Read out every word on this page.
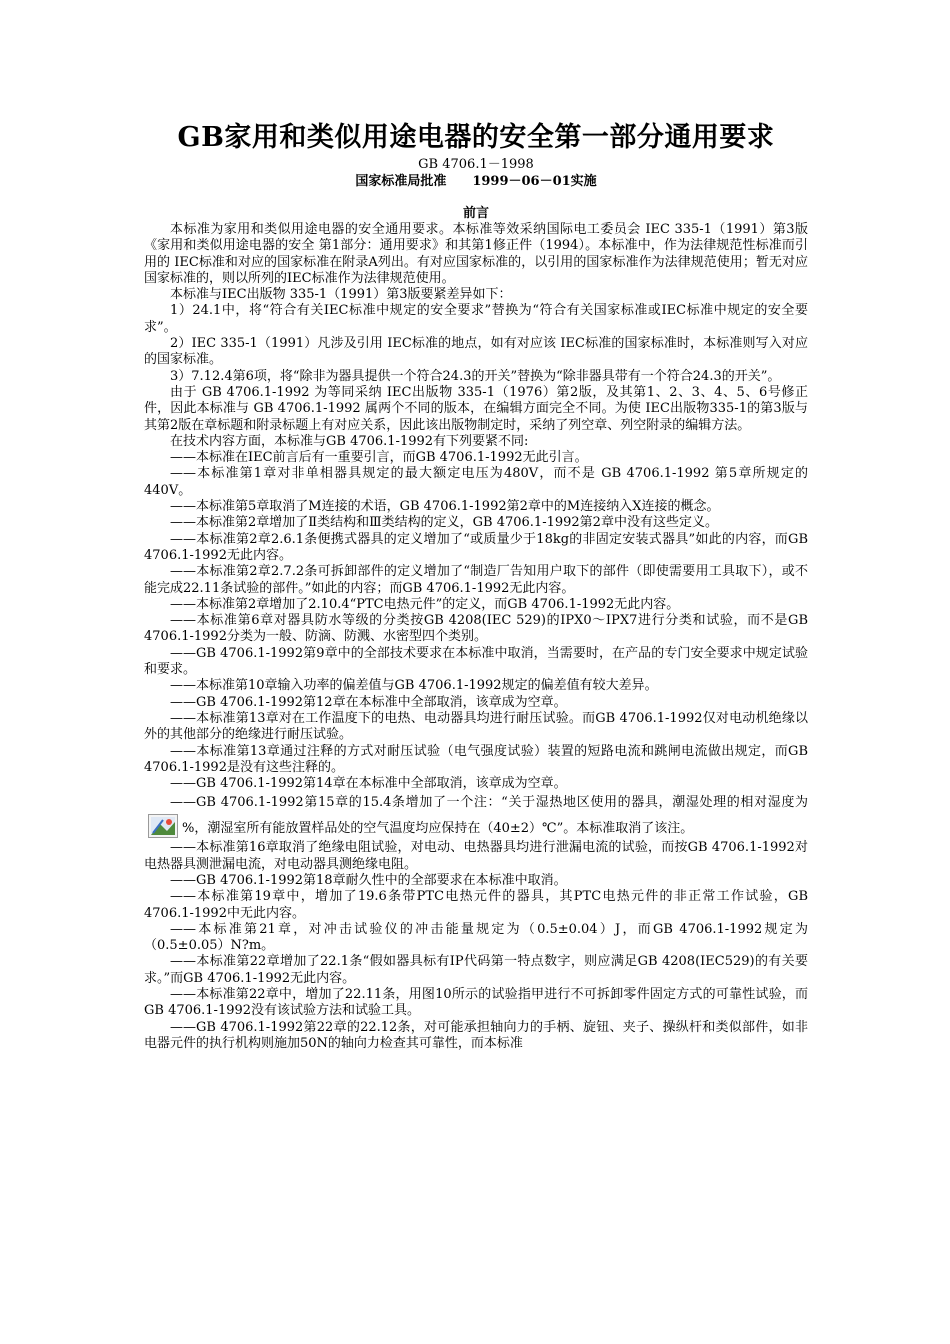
GB家用和类似用途电器的安全第一部分通用要求

GB 4706.1－1998

国家标准局批准　　1999－06－01实施

前言

本标准为家用和类似用途电器的安全通用要求。本标准等效采纳国际电工委员会 IEC 335-1（1991）第3版《家用和类似用途电器的安全 第1部分：通用要求》和其第1修正件（1994）。本标准中，作为法律规范性标准而引用的 IEC标准和对应的国家标准在附录A列出。有对应国家标准的，以引用的国家标准作为法律规范使用；暂无对应国家标准的，则以所列的IEC标准作为法律规范使用。

本标准与IEC出版物 335-1（1991）第3版要紧差异如下：

1）24.1中，将“符合有关IEC标准中规定的安全要求”替换为“符合有关国家标准或IEC标准中规定的安全要求”。

2）IEC 335-1（1991）凡涉及引用 IEC标准的地点，如有对应该 IEC标准的国家标准时，本标准则写入对应的国家标准。

3）7.12.4第6项，将“除非为器具提供一个符合24.3的开关”替换为“除非器具带有一个符合24.3的开关”。

由于 GB 4706.1-1992 为等同采纳 IEC出版物 335-1（1976）第2版，及其第1、2、3、4、5、6号修正件，因此本标准与 GB 4706.1-1992 属两个不同的版本，在编辑方面完全不同。为使 IEC出版物335-1的第3版与其第2版在章标题和附录标题上有对应关系，因此该出版物制定时，采纳了列空章、列空附录的编辑方法。

在技术内容方面，本标准与GB 4706.1-1992有下列要紧不同:

——本标准在IEC前言后有一重要引言，而GB 4706.1-1992无此引言。

——本标准第1章对非单相器具规定的最大额定电压为480V，而不是 GB 4706.1-1992 第5章所规定的440V。

——本标准第5章取消了M连接的术语，GB 4706.1-1992第2章中的M连接纳入X连接的概念。

——本标准第2章增加了Ⅱ类结构和Ⅲ类结构的定义，GB 4706.1-1992第2章中没有这些定义。

——本标准第2章2.6.1条便携式器具的定义增加了“或质量少于18kg的非固定安装式器具”如此的内容，而GB 4706.1-1992无此内容。

——本标准第2章2.7.2条可拆卸部件的定义增加了“制造厂告知用户取下的部件（即使需要用工具取下），或不能完成22.11条试验的部件。”如此的内容；而GB 4706.1-1992无此内容。

——本标准第2章增加了2.10.4“PTC电热元件”的定义，而GB 4706.1-1992无此内容。

——本标准第6章对器具防水等级的分类按GB 4208(IEC 529)的IPX0～IPX7进行分类和试验，而不是GB 4706.1-1992分类为一般、防滴、防溅、水密型四个类别。

——GB 4706.1-1992第9章中的全部技术要求在本标准中取消，当需要时，在产品的专门安全要求中规定试验和要求。

——本标准第10章输入功率的偏差值与GB 4706.1-1992规定的偏差值有较大差异。

——GB 4706.1-1992第12章在本标准中全部取消，该章成为空章。

——本标准第13章对在工作温度下的电热、电动器具均进行耐压试验。而GB 4706.1-1992仅对电动机绝缘以外的其他部分的绝缘进行耐压试验。

——本标准第13章通过注释的方式对耐压试验（电气强度试验）装置的短路电流和跳闸电流做出规定，而GB 4706.1-1992是没有这些注释的。

——GB 4706.1-1992第14章在本标准中全部取消，该章成为空章。

——GB 4706.1-1992第15章的15.4条增加了一个注：“关于湿热地区使用的器具，潮湿处理的相对湿度为
%，潮湿室所有能放置样品处的空气温度均应保持在（40±2）℃”。本标准取消了该注。

——本标准第16章取消了绝缘电阻试验，对电动、电热器具均进行泄漏电流的试验，而按GB 4706.1-1992对电热器具测泄漏电流，对电动器具测绝缘电阻。

——GB 4706.1-1992第18章耐久性中的全部要求在本标准中取消。

——本标准第19章中，增加了19.6条带PTC电热元件的器具，其PTC电热元件的非正常工作试验，GB 4706.1-1992中无此内容。

——本标准第21章，对冲击试验仪的冲击能量规定为（0.5±0.04）J，而GB 4706.1-1992规定为（0.5±0.05）N?m。

——本标准第22章增加了22.1条“假如器具标有IP代码第一特点数字，则应满足GB 4208(IEC529)的有关要求。”而GB 4706.1-1992无此内容。

——本标准第22章中，增加了22.11条，用图10所示的试验指甲进行不可拆卸零件固定方式的可靠性试验，而GB 4706.1-1992没有该试验方法和试验工具。

——GB 4706.1-1992第22章的22.12条，对可能承担轴向力的手柄、旋钮、夹子、操纵杆和类似部件，如非电器元件的执行机构则施加50N的轴向力检查其可靠性，而本标准
